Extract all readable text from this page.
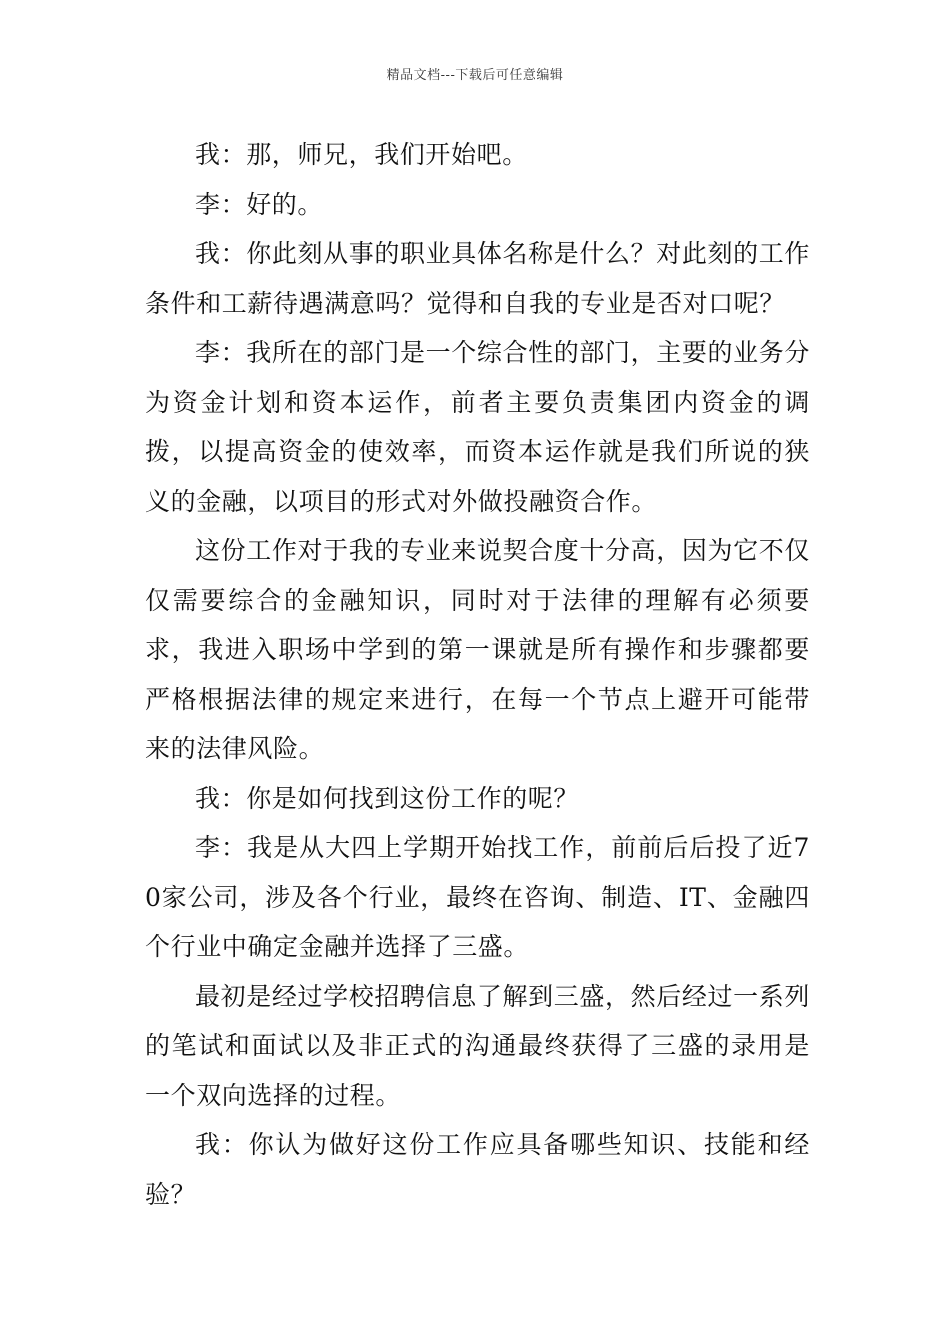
精品文档---下载后可任意编辑

我：那，师兄，我们开始吧。

李：好的。

我：你此刻从事的职业具体名称是什么？对此刻的工作条件和工薪待遇满意吗？觉得和自我的专业是否对口呢？

李：我所在的部门是一个综合性的部门，主要的业务分为资金计划和资本运作，前者主要负责集团内资金的调拨，以提高资金的使效率，而资本运作就是我们所说的狭义的金融，以项目的形式对外做投融资合作。

这份工作对于我的专业来说契合度十分高，因为它不仅仅需要综合的金融知识，同时对于法律的理解有必须要求，我进入职场中学到的第一课就是所有操作和步骤都要严格根据法律的规定来进行，在每一个节点上避开可能带来的法律风险。

我：你是如何找到这份工作的呢？

李：我是从大四上学期开始找工作，前前后后投了近70家公司，涉及各个行业，最终在咨询、制造、IT、金融四个行业中确定金融并选择了三盛。

最初是经过学校招聘信息了解到三盛，然后经过一系列的笔试和面试以及非正式的沟通最终获得了三盛的录用是一个双向选择的过程。

我：你认为做好这份工作应具备哪些知识、技能和经验？
